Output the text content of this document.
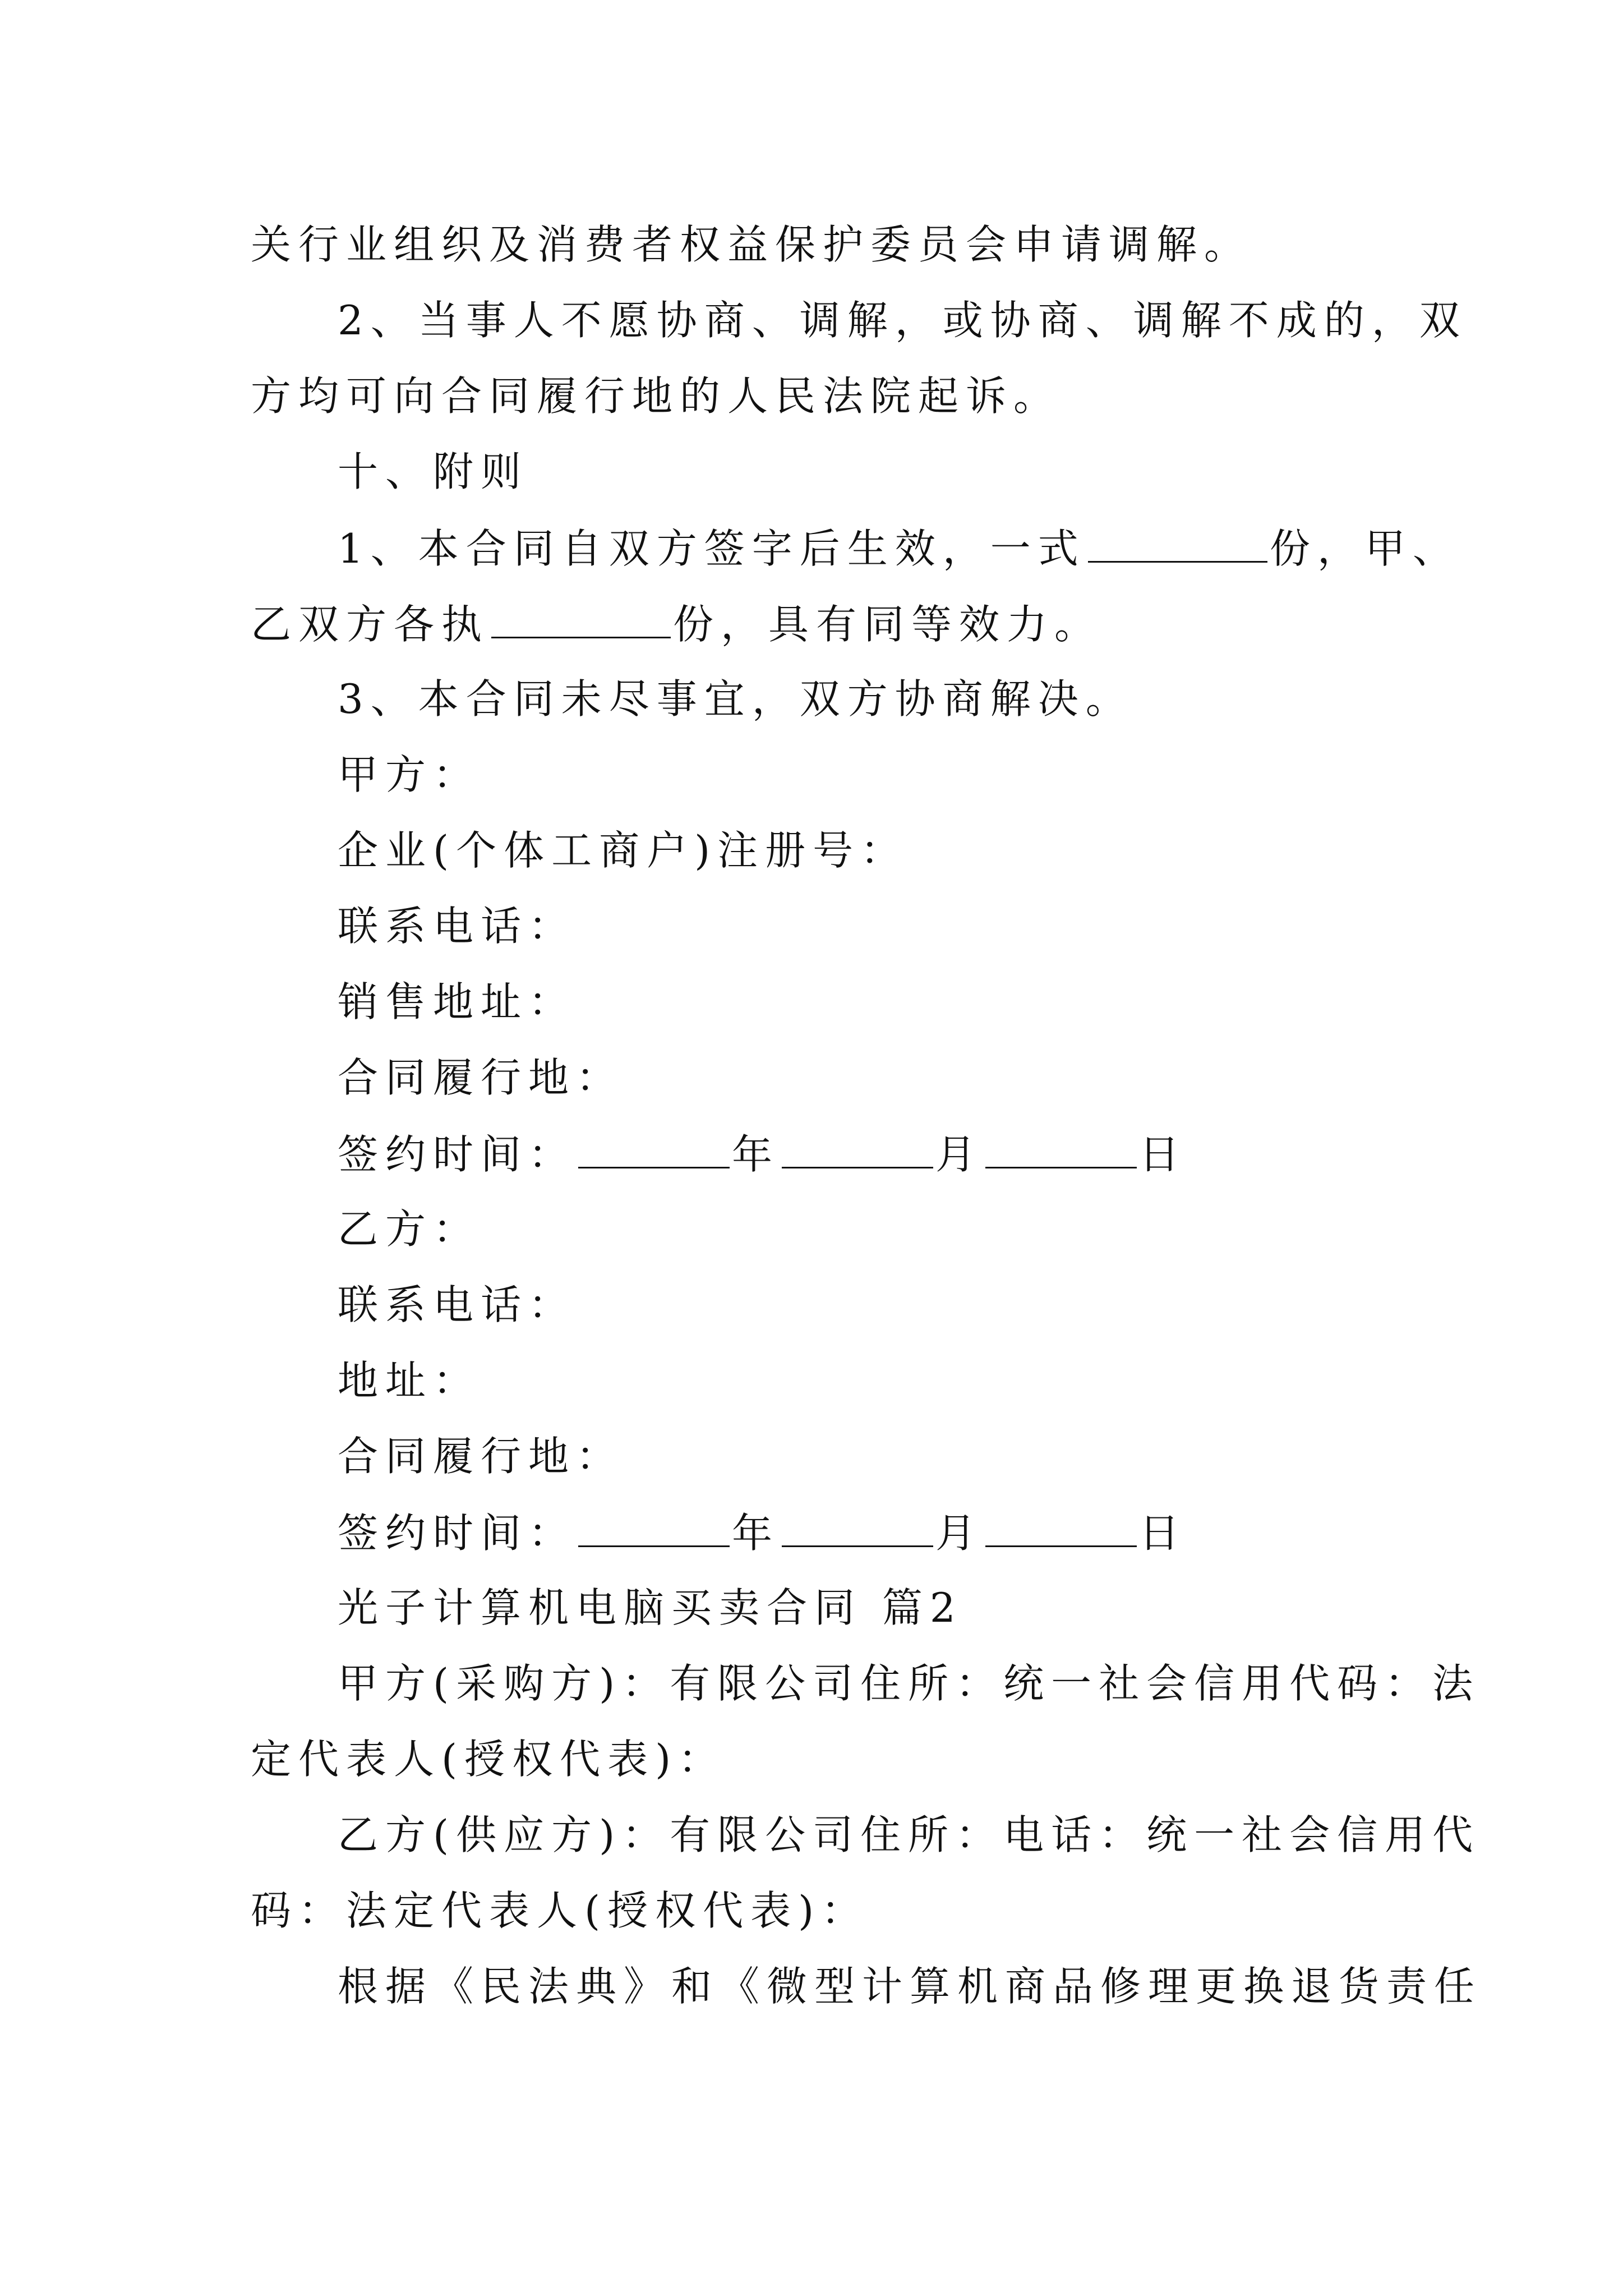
关行业组织及消费者权益保护委员会申请调解。
2、当事人不愿协商、调解，或协商、调解不成的，双
方均可向合同履行地的人民法院起诉。
十、附则
1、本合同自双方签字后生效，一式	份，甲、
乙双方各执	份，具有同等效力。
3、本合同未尽事宜，双方协商解决。
甲方：
企业(个体工商户)注册号：
联系电话：
销售地址：
合同履行地：
签约时间：	年	月	日
乙方：
联系电话：
地址：
合同履行地：
签约时间：	年	月	日
光子计算机电脑买卖合同 篇2
甲方(采购方)：有限公司住所：统一社会信用代码：法
定代表人(授权代表)：
乙方(供应方)：有限公司住所：电话：统一社会信用代
码：法定代表人(授权代表)：
根据《民法典》和《微型计算机商品修理更换退货责任
